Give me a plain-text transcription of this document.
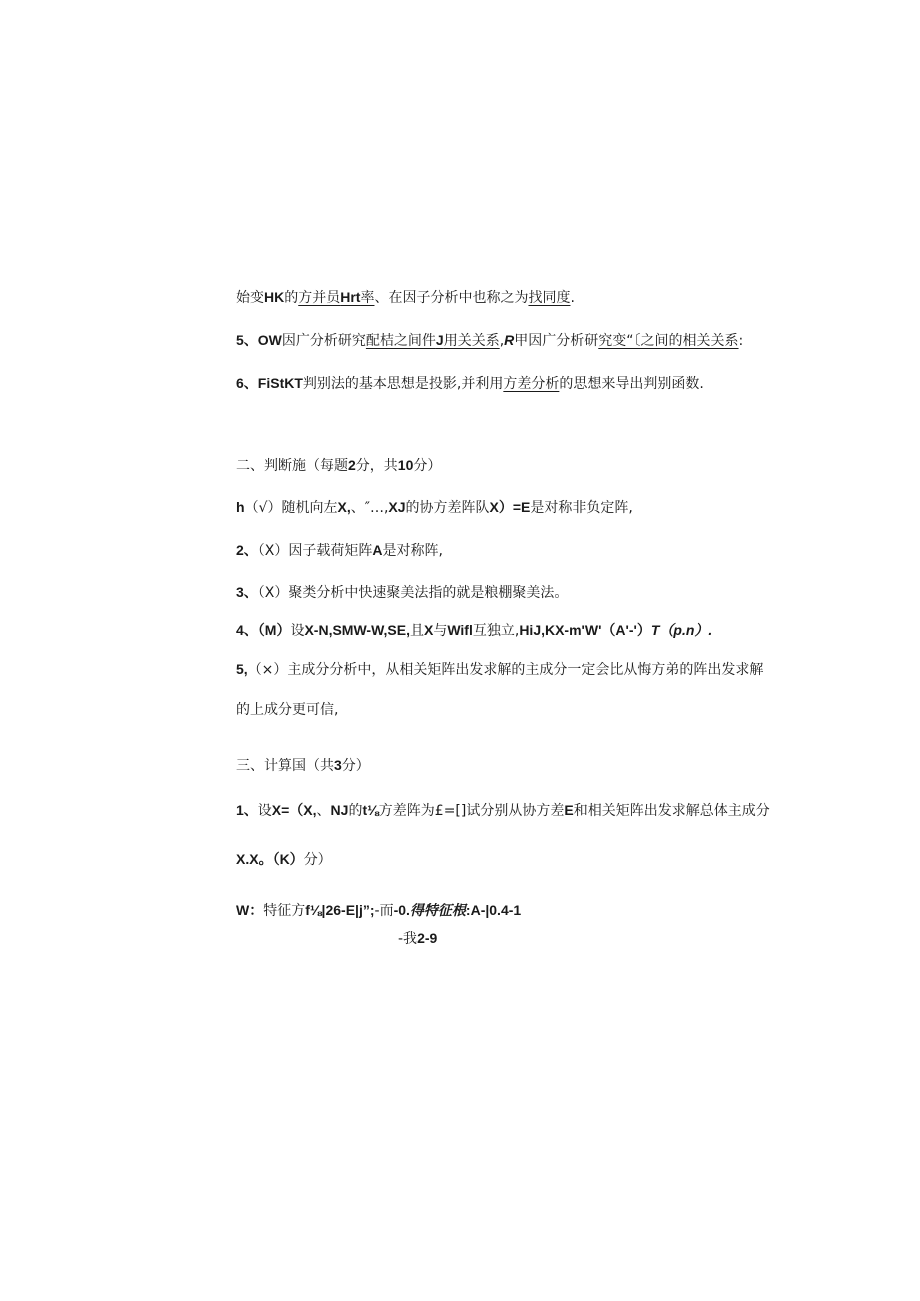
始变HK的方并员Hrt率、在因子分析中也称之为找同度.
5、OW因广分析研究配桔之间件J用关关系,R甲因广分析研究变“〔之间的相关关系:
6、FiStKT判别法的基本思想是投影,并利用方差分析的思想来导出判别函数.
二、判断施（每题2分，共10分）
h（√）随机向左X,、″…,XJ的协方差阵队X）=E是对称非负定阵,
2、（X）因子载荷矩阵A是对称阵,
3、（X）聚类分析中快速聚美法指的就是粮棚聚美法。
4、（M）设X-N,SMW-W,SE,且X与Wifl互独立,HiJ,KX-m'W'（A'-'）T（p.n）.
5,（×）主成分分析中，从相关矩阵出发求解的主成分一定会比从悔方弟的阵出发求解
的上成分更可信,
三、计算国（共3分）
1、设X=（X,、NJ的t⅛方差阵为£=[]试分别从协方差E和相关矩阵出发求解总体主成分
X.X。（K）分）
W：特征方f⅛|26-E|j”;-而-0.得特征根:A-|0.4-1
-我2-9
